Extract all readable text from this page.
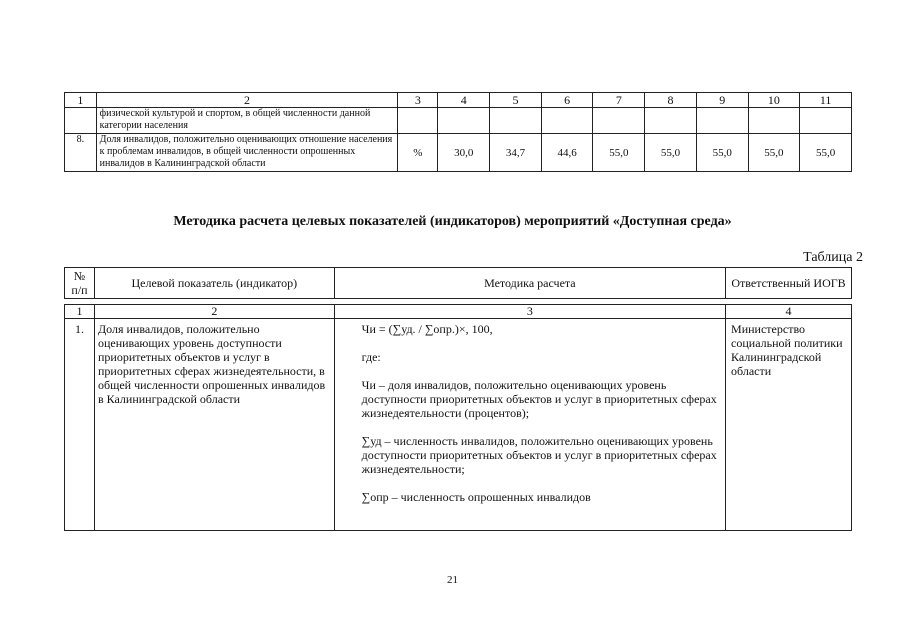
1	2	3	4	5	6	7	8	9	10	11
	физической культурой и спортом, в общей численности данной категории населения									
8.	Доля инвалидов, положительно оценивающих отношение населения к проблемам инвалидов, в общей численности опрошенных инвалидов в Калининградской области	%	30,0	34,7	44,6	55,0	55,0	55,0	55,0	55,0
Методика расчета целевых показателей (индикаторов) мероприятий «Доступная среда»
Таблица 2
№ п/п	Целевой показатель (индикатор)	Методика расчета	Ответственный ИОГВ

1	2	3	4
1.	Доля инвалидов, положительно оценивающих уровень доступности приоритетных объектов и услуг в приоритетных сферах жизнедеятельности, в общей численности опрошенных инвалидов в Калининградской области	Чи = (∑уд. / ∑опр.)×, 100,

где:

Чи – доля инвалидов, положительно оценивающих уровень доступности приоритетных объектов и услуг в приоритетных сферах жизнедеятельности (процентов);

∑уд – численность инвалидов, положительно оценивающих уровень доступности приоритетных объектов и услуг в приоритетных сферах жизнедеятельности;

∑опр – численность опрошенных инвалидов	Министерство социальной политики Калининградской области
21
